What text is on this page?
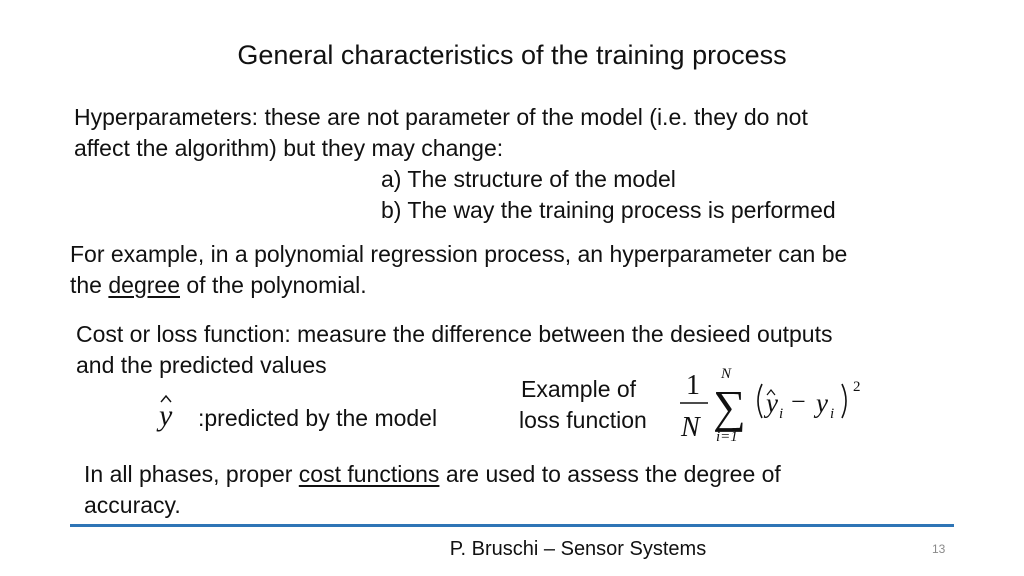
General characteristics of the training process
Hyperparameters: these are not parameter of the model (i.e. they do not
affect the algorithm) but they may change:
a) The structure of the model
b) The way the training process is performed
For example, in a polynomial regression process, an hyperparameter can be
the degree of the polynomial.
Cost or loss function: measure the difference between the desieed outputs
and the predicted values
y :predicted by the model
Example of
loss function
1
N
N
∑
i=1
y i − y i
2
In all phases, proper cost functions are used to assess the degree of
accuracy.
P. Bruschi – Sensor Systems	13
